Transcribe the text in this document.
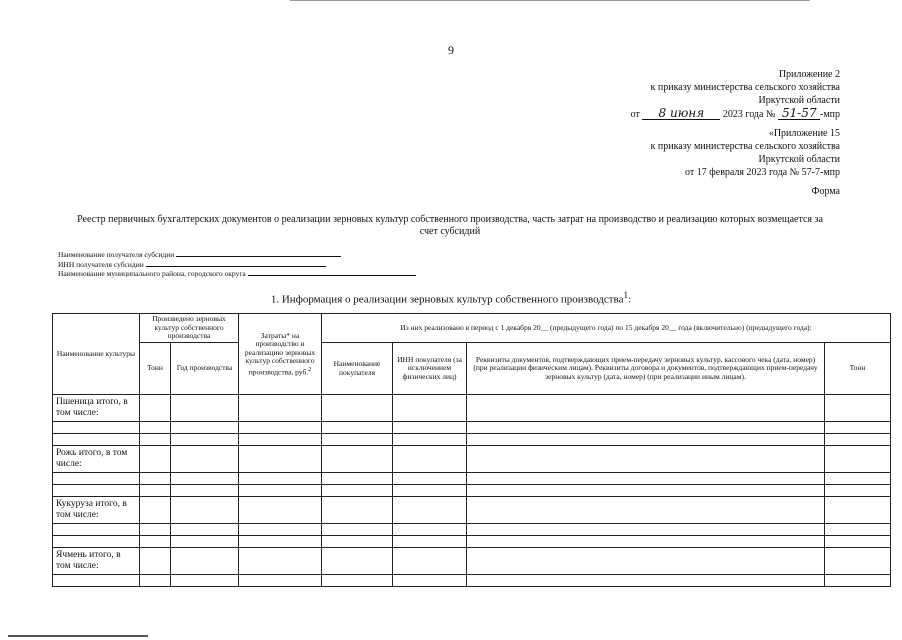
9
Приложение 2
к приказу министерства сельского хозяйства
Иркутской области
от 8 июня 2023 года № 51-57 -мпр
«Приложение 15
к приказу министерства сельского хозяйства
Иркутской области
от 17 февраля 2023 года № 57-7-мпр
Форма
Реестр первичных бухгалтерских документов о реализации зерновых культур собственного производства, часть затрат на производство и реализацию которых возмещается за счет субсидий
Наименование получателя субсидии
ИНН получателя субсидии
Наименование муниципального района, городского округа
1. Информация о реализации зерновых культур собственного производства$^1$:
Наименование культуры	Произведено зерновых культур собственного производства		Затраты* на производство и реализацию зерновых культур собственного производства, руб.$^2$	Из них реализовано в период с 1 декабря 20__ (предыдущего года) по 15 декабря 20__ года (включительно) (предыдущего года):			
	Тонн	Год производства		Наименование покупателя	ИНН покупателя (за исключением физических лиц)	Реквизиты документов, подтверждающих прием-передачу зерновых культур, кассового чека (дата, номер) (при реализации физическим лицам). Реквизиты договора и документов, подтверждающих прием-передачу зерновых культур (дата, номер) (при реализации иным лицам).	Тонн
Пшеница итого, в том числе:							

Рожь итого, в том числе:							

Кукуруза итого, в том числе:							

Ячмень итого, в том числе:							
